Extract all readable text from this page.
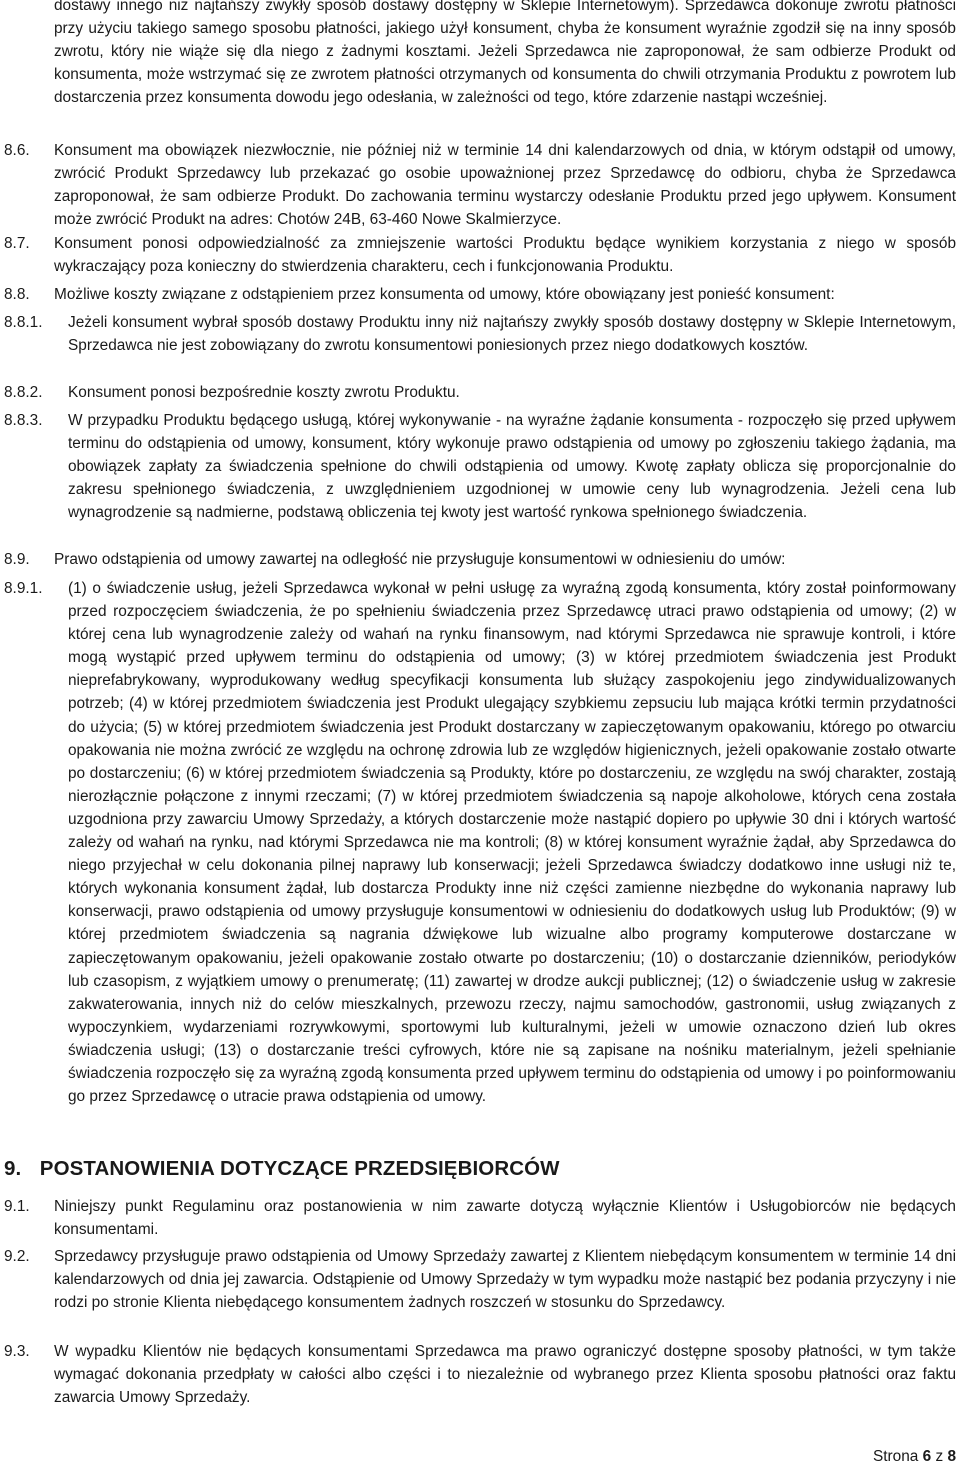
dostawy innego niż najtańszy zwykły sposób dostawy dostępny w Sklepie Internetowym). Sprzedawca dokonuje zwrotu płatności przy użyciu takiego samego sposobu płatności, jakiego użył konsument, chyba że konsument wyraźnie zgodził się na inny sposób zwrotu, który nie wiąże się dla niego z żadnymi kosztami. Jeżeli Sprzedawca nie zaproponował, że sam odbierze Produkt od konsumenta, może wstrzymać się ze zwrotem płatności otrzymanych od konsumenta do chwili otrzymania Produktu z powrotem lub dostarczenia przez konsumenta dowodu jego odesłania, w zależności od tego, które zdarzenie nastąpi wcześniej.

8.6.	Konsument ma obowiązek niezwłocznie, nie później niż w terminie 14 dni kalendarzowych od dnia, w którym odstąpił od umowy, zwrócić Produkt Sprzedawcy lub przekazać go osobie upoważnionej przez Sprzedawcę do odbioru, chyba że Sprzedawca zaproponował, że sam odbierze Produkt. Do zachowania terminu wystarczy odesłanie Produktu przed jego upływem. Konsument może zwrócić Produkt na adres: Chotów 24B, 63-460 Nowe Skalmierzyce.

8.7.	Konsument ponosi odpowiedzialność za zmniejszenie wartości Produktu będące wynikiem korzystania z niego w sposób wykraczający poza konieczny do stwierdzenia charakteru, cech i funkcjonowania Produktu.

8.8.	Możliwe koszty związane z odstąpieniem przez konsumenta od umowy, które obowiązany jest ponieść konsument:

8.8.1.	Jeżeli konsument wybrał sposób dostawy Produktu inny niż najtańszy zwykły sposób dostawy dostępny w Sklepie Internetowym, Sprzedawca nie jest zobowiązany do zwrotu konsumentowi poniesionych przez niego dodatkowych kosztów.

8.8.2.	Konsument ponosi bezpośrednie koszty zwrotu Produktu.

8.8.3.	W przypadku Produktu będącego usługą, której wykonywanie - na wyraźne żądanie konsumenta - rozpoczęło się przed upływem terminu do odstąpienia od umowy, konsument, który wykonuje prawo odstąpienia od umowy po zgłoszeniu takiego żądania, ma obowiązek zapłaty za świadczenia spełnione do chwili odstąpienia od umowy. Kwotę zapłaty oblicza się proporcjonalnie do zakresu spełnionego świadczenia, z uwzględnieniem uzgodnionej w umowie ceny lub wynagrodzenia. Jeżeli cena lub wynagrodzenie są nadmierne, podstawą obliczenia tej kwoty jest wartość rynkowa spełnionego świadczenia.

8.9.	Prawo odstąpienia od umowy zawartej na odległość nie przysługuje konsumentowi w odniesieniu do umów:

8.9.1.	(1) o świadczenie usług, jeżeli Sprzedawca wykonał w pełni usługę za wyraźną zgodą konsumenta, który został poinformowany przed rozpoczęciem świadczenia, że po spełnieniu świadczenia przez Sprzedawcę utraci prawo odstąpienia od umowy; (2) w której cena lub wynagrodzenie zależy od wahań na rynku finansowym, nad którymi Sprzedawca nie sprawuje kontroli, i które mogą wystąpić przed upływem terminu do odstąpienia od umowy; (3) w której przedmiotem świadczenia jest Produkt nieprefabrykowany, wyprodukowany według specyfikacji konsumenta lub służący zaspokojeniu jego zindywidualizowanych potrzeb; (4) w której przedmiotem świadczenia jest Produkt ulegający szybkiemu zepsuciu lub mająca krótki termin przydatności do użycia; (5) w której przedmiotem świadczenia jest Produkt dostarczany w zapieczętowanym opakowaniu, którego po otwarciu opakowania nie można zwrócić ze względu na ochronę zdrowia lub ze względów higienicznych, jeżeli opakowanie zostało otwarte po dostarczeniu; (6) w której przedmiotem świadczenia są Produkty, które po dostarczeniu, ze względu na swój charakter, zostają nierozłącznie połączone z innymi rzeczami; (7) w której przedmiotem świadczenia są napoje alkoholowe, których cena została uzgodniona przy zawarciu Umowy Sprzedaży, a których dostarczenie może nastąpić dopiero po upływie 30 dni i których wartość zależy od wahań na rynku, nad którymi Sprzedawca nie ma kontroli; (8) w której konsument wyraźnie żądał, aby Sprzedawca do niego przyjechał w celu dokonania pilnej naprawy lub konserwacji; jeżeli Sprzedawca świadczy dodatkowo inne usługi niż te, których wykonania konsument żądał, lub dostarcza Produkty inne niż części zamienne niezbędne do wykonania naprawy lub konserwacji, prawo odstąpienia od umowy przysługuje konsumentowi w odniesieniu do dodatkowych usług lub Produktów; (9) w której przedmiotem świadczenia są nagrania dźwiękowe lub wizualne albo programy komputerowe dostarczane w zapieczętowanym opakowaniu, jeżeli opakowanie zostało otwarte po dostarczeniu; (10) o dostarczanie dzienników, periodyków lub czasopism, z wyjątkiem umowy o prenumeratę; (11) zawartej w drodze aukcji publicznej; (12) o świadczenie usług w zakresie zakwaterowania, innych niż do celów mieszkalnych, przewozu rzeczy, najmu samochodów, gastronomii, usług związanych z wypoczynkiem, wydarzeniami rozrywkowymi, sportowymi lub kulturalnymi, jeżeli w umowie oznaczono dzień lub okres świadczenia usługi; (13) o dostarczanie treści cyfrowych, które nie są zapisane na nośniku materialnym, jeżeli spełnianie świadczenia rozpoczęło się za wyraźną zgodą konsumenta przed upływem terminu do odstąpienia od umowy i po poinformowaniu go przez Sprzedawcę o utracie prawa odstąpienia od umowy.

9. POSTANOWIENIA DOTYCZĄCE PRZEDSIĘBIORCÓW
9.1.	Niniejszy punkt Regulaminu oraz postanowienia w nim zawarte dotyczą wyłącznie Klientów i Usługobiorców nie będących konsumentami.

9.2.	Sprzedawcy przysługuje prawo odstąpienia od Umowy Sprzedaży zawartej z Klientem niebędącym konsumentem w terminie 14 dni kalendarzowych od dnia jej zawarcia. Odstąpienie od Umowy Sprzedaży w tym wypadku może nastąpić bez podania przyczyny i nie rodzi po stronie Klienta niebędącego konsumentem żadnych roszczeń w stosunku do Sprzedawcy.

9.3.	W wypadku Klientów nie będących konsumentami Sprzedawca ma prawo ograniczyć dostępne sposoby płatności, w tym także wymagać dokonania przedpłaty w całości albo części i to niezależnie od wybranego przez Klienta sposobu płatności oraz faktu zawarcia Umowy Sprzedaży.

Strona 6 z 8
